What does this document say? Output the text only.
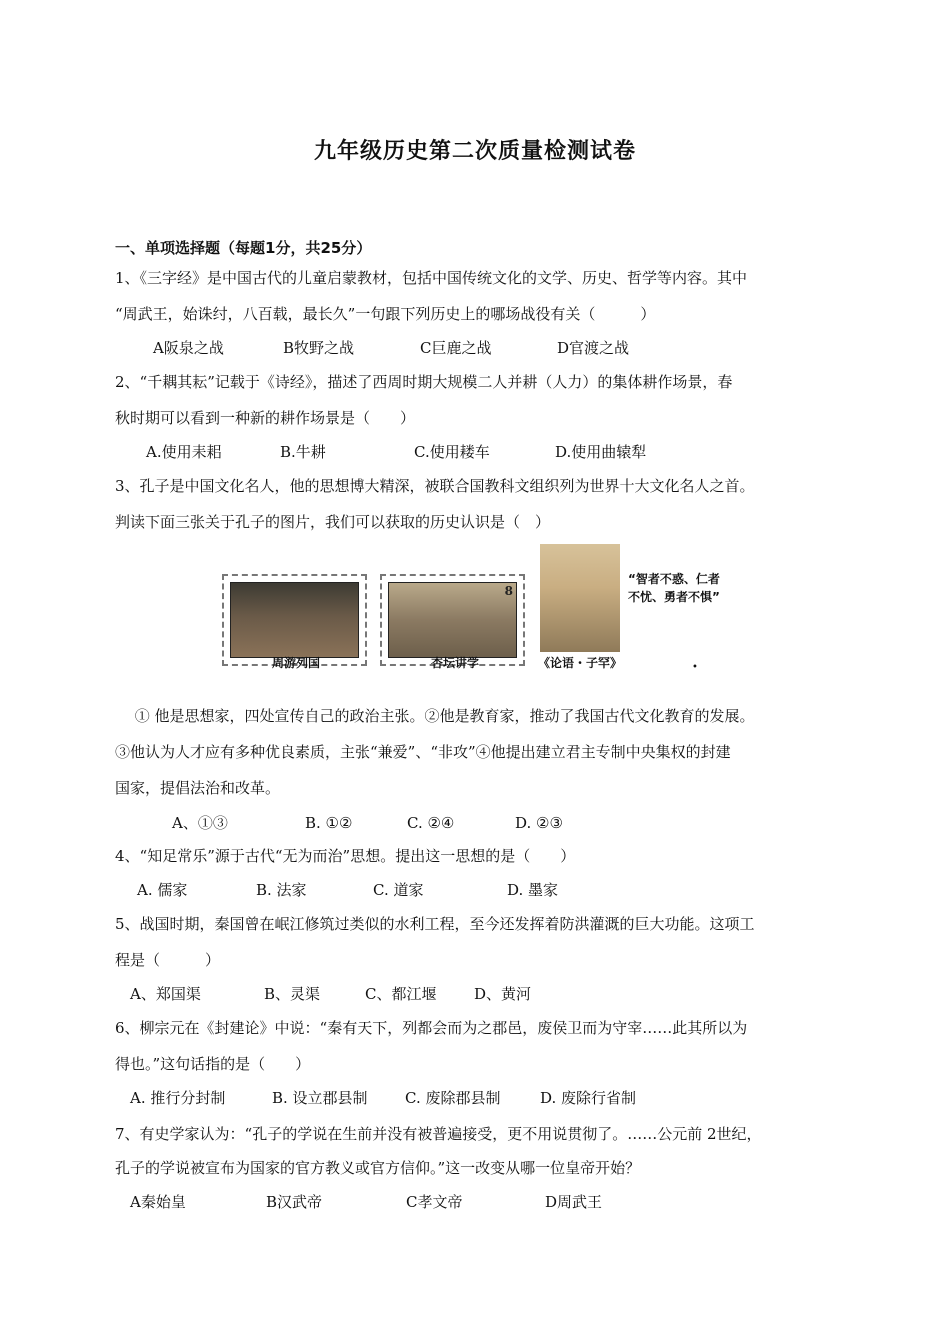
九年级历史第二次质量检测试卷
一、单项选择题（每题1分，共25分）
1、《三字经》是中国古代的儿童启蒙教材，包括中国传统文化的文学、历史、哲学等内容。其中
“周武王，始诛纣，八百载，最长久”一句跟下列历史上的哪场战役有关（　　　）
A阪泉之战	B牧野之战	C巨鹿之战	D官渡之战
2、“千耦其耘”记载于《诗经》，描述了西周时期大规模二人并耕（人力）的集体耕作场景，春
秋时期可以看到一种新的耕作场景是（　　）
A.使用耒耜	B.牛耕	C.使用耧车	D.使用曲辕犁
3、孔子是中国文化名人，他的思想博大精深，被联合国教科文组织列为世界十大文化名人之首。
判读下面三张关于孔子的图片，我们可以获取的历史认识是（　）
8
“智者不惑、仁者
不忧、勇者不惧”
周游列国	杏坛讲学	《论语・子罕》	•
　 ① 他是思想家，四处宣传自己的政治主张。②他是教育家，推动了我国古代文化教育的发展。
③他认为人才应有多种优良素质，主张“兼爱”、“非攻”④他提出建立君主专制中央集权的封建
国家，提倡法治和改革。
A、①③	B. ①②	C. ②④	D. ②③
4、“知足常乐”源于古代“无为而治”思想。提出这一思想的是（　　）
A. 儒家	B. 法家	C. 道家	D. 墨家
5、战国时期，秦国曾在岷江修筑过类似的水利工程，至今还发挥着防洪灌溉的巨大功能。这项工
程是（　　　）
A、郑国渠	B、灵渠	C、都江堰	D、黄河
6、柳宗元在《封建论》中说：“秦有天下，列都会而为之郡邑，废侯卫而为守宰……此其所以为
得也。”这句话指的是（　　）
A. 推行分封制	B. 设立郡县制 C. 废除郡县制	D. 废除行省制
7、有史学家认为：“孔子的学说在生前并没有被普遍接受，更不用说贯彻了。……公元前 2世纪，
孔子的学说被宣布为国家的官方教义或官方信仰。”这一改变从哪一位皇帝开始？
A秦始皇	B汉武帝	C孝文帝	D周武王
